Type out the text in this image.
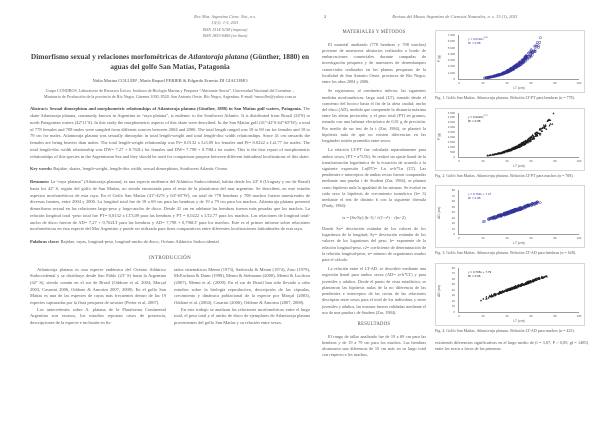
Rev. Mus. Argentino Cienc. Nat., n.s.
13(1): 1-5, 2011
ISSN 1514-5158 (impresa)
ISSN 1853-0400 (en línea)
Dimorfismo sexual y relaciones morfométricas de Atlantoraja platana (Günther, 1880) en aguas del golfo San Matías, Patagonia
Nidia Marina COLLER¹, María Raquel PERIER & Edgardo Ernesto DI GIACOMO
Grupo CONDROS. Laboratorio de Recursos Ícticos. Instituto de Biología Marina y Pesquera “Almirante Storni”, Universidad Nacional del Comahue – Ministerio de Producción de la provincia de Río Negro, Güemes 1030, 8520. San Antonio Oeste, Río Negro, Argentina. E-mail: ¹nmcoller@yahoo.com.ar

Abstract: Sexual dimorphism and morphometric relationships of Atlantoraja platana (Günther, 1880) in San Matías gulf waters, Patagonia. The skate Atlantoraja platana, commonly known in Argentina as “raya platana”, is endemic to the Southwest Atlantic. It is distributed from Brazil (24ºS) to north Patagonian waters (42º11’S). In this study the morphometric aspects of this skate were described. In the San Matías gulf (41º-42ºS 64º-65ºW), a total of 778 females and 708 males were sampled from different sources between 2004 and 2006. The total length ranged was 18 to 69 cm for females and 18 to 79 cm for males. Atlantoraja platana was sexually dimorphic in total length-weight and total length-disc width relationships. Since 41 cm onwards the females are being heavier than males. The total length-weight relationship was Pt= 0.0132 x Lt3.09 for females and Pt= 0.0222 x Lt2.77 for males. The total length-disc width relationship was DW= 7.27 + 0.762Lt for females and DW= 7.798 + 0.796Lt for males. This is the first report of morphometric relationships of this species in the Argentinean Sea and they should be used for comparison purpose between different latitudinal localizations of this skate.

Key words: Rajidae, skates, length-weight, length-disc width, sexual dimorphism, Southwest Atlantic Ocean.

Resumen: La “raya platana” (Atlantoraja platana), es una especie endémica del Atlántico Sudoccidental, habita desde los 24º S (Uruguay y sur de Brasil) hasta los 42º S, región del golfo de San Matías, no siendo encontrada para el resto de la plataforma del mar argentino. Se describen, en este estudio aspectos morfométricos de esta raya. En el Golfo San Matías (41º-42ºS y 64º-65ºW), un total de 778 hembras y 708 machos fueron muestreados de diversas fuentes, entre 2004 y 2006. La longitud total fue de 18 a 69 cm para las hembras y de 19 a 79 cm para los machos. Atlantoraja platana presentó dimorfismo sexual en las relaciones largo-peso y largo-ancho de disco. Desde 41 cm en adelante las hembras fueron más pesadas que los machos. La relación longitud total -peso total fue PT= 0,0132 x LT3,09 para las hembras y PT = 0,0222 x LT2,77 para los machos. Las relaciones de longitud total-ancho de disco fueron de AD= 7,27 + 0,762LT para las hembras y AD= 7,798 + 0,796LT para los machos. Este es el primer informe sobre relaciones morfométricas en esta especie del Mar Argentino y puede ser utilizada para fines comparativos entre diferentes localizaciones latitudinales de esta raya.

Palabras clave: Rajidae, rayas, longitud-peso, longitud-ancho de disco, Océano Atlántico Sudoccidental.

INTRODUCCIÓN

Atlantoraja platana es una especie endémica del Océano Atlántico Sudoccidental y se distribuye desde Sao Pablo (23º S) hasta la Argentina (42º S), siendo común en el sur de Brasil (Oddone et al. 2004, Marçal 2003, Casarini 2006, Oddone & Amorim 2007, 2008). En el golfo San Matías es una de las especies de rayas más frecuentes dentro de las 19 especies capturadas por la flota pesquera de arrastre (Perier et al. 2007).

Los antecedentes sobre A. platana de la Plataforma Continental Argentina son escasos, los estudios reportan casos de presencia, descripciones de la especie e inclusión en lis-

tados sistemáticos Menni (1973), Sadowski & Menni (1974), Zaro (1979), McEachran & Dunn (1998), Menni & Stehmann (2000), Menni & Lucifora (2007), Menni et al. (2009). En el sur de Brasil han sido llevado a cabo estudios sobre la biología reproductiva, descripción de las cápsulas, crecimiento y dinámica poblacional de la especie por Marçal (2003), Oddone et al. (2004), Casarini (2006), Oddone & Amorim (2007, 2008).

En este trabajo se analizan las relaciones morfométricas entre el largo total, el peso total y el ancho de disco de ejemplares de Atlantoraja platana provenientes del golfo San Matías y su relación entre sexos.

2	Revista del Museo Argentino de Ciencias Naturales, n. s. 13 (1), 2011
MATERIALES Y MÉTODOS

El material analizado (778 hembras y 708 machos) proviene de muestreos aleatorios realizados a bordo de embarcaciones comerciales durante campañas de investigación pesquera y de muestreos de desembarques comerciales realizados en las plantas pesqueras de la localidad de San Antonio Oeste, provincia de Río Negro, entre los años 2004 y 2006.

Se registraron, al centímetro inferior, las siguientes medidas morfométricas: largo total (LT), tomado desde el comienzo del hocico hasta el fin de la aleta caudal; ancho del disco (AD), medida que comprende la distancia máxima entre las aletas pectorales; y el peso total (PT) en gramos, tomado con una balanza electrónica de 0,01 g de precisión. Por medio de un test de la t (Zar, 1984), se planteó la hipótesis nula de que no existen diferencias en las longitudes totales promedio entre sexos.

La relación LT-PT fue calculada separadamente para ambos sexos, (PT = a*LTb). Se realizó un ajuste lineal de la transformación logarítmica de la ecuación de acuerdo a la siguiente expresión Ln(PT)= Ln a+b*Ln (LT). Las pendientes e interceptos de ambas rectas fueron comparadas mediante una prueba t de Student (Zar, 1984), se planteó como hipótesis nula la igualdad de las mismas. Se evaluó en cada sexo la hipótesis de crecimiento isométrico (b= 3) mediante el test de distinto b con la siguiente fórmula (Pauly, 1984):

ts = (Sx/Sy)·|b−3| / √(1−r²) · √(n−2)

Donde Sx= desviación estándar de los valores de los logaritmos de la longitud; Sy= desviación estándar de los valores de los logaritmos del peso, b= exponente de la relación longitud-peso, r2= coeficiente de determinación de la relación longitud-peso; n= número de organismos usados para el cálculo.

La relación entre el LT-AD, se describió mediante una regresión lineal para ambos sexos (AD= a+b*LT) y para juveniles y adultos. Desde el punto de vista estadístico, se plantearon las hipótesis nulas de la no diferencia de las pendientes e interceptos de las rectas de las relaciones descriptas entre sexos para el total de los individuos y entre juveniles y adultos, las mismas fueron validadas mediante el uso de una prueba t de Student (Zar, 1984).

RESULTADOS

El rango de tallas analizado fue de 19 a 69 cm para las hembras y de 19 a 79 cm para los machos. Las hembras alcanzaron una diferencia de 10 cm más en su largo total con respecto a los machos,

P (g)
0
1.000
2.000
3.000
4.000
5.000
6.000
7.000
$y = 0.0132x^{3.09}$
R² = 0.98
0	20	40	60	80	100
LT (cm)
Fig. 1. Golfo San Matías. Atlantoraja platana. Relación LT-PT para hembras (n = 778).
P (g)
0
500
1.000
1.500
2.000
2.500
3.000
3.500
4.000
4.500
$y = 0.0222x^{2.77}$
R² = 0.98
0	20	40	60	80	100
LT (cm)
Fig. 2. Golfo San Matías. Atlantoraja platana. Relación LT-PT para machos (n = 708).
AD (cm)
0
10
20
30
40
50
60
70
80
y = 0.762x + 7.27
R² = 0.98
0	20	40	60	80	100
LT (cm)
Fig. 3. Golfo San Matías. Atlantoraja platana. Relación LT-AD para hembras (n = 628).
AD (cm)
0
10
20
30
40
50
60
70
80
y = 0.796x + 7.79
R² = 0.96
0	20	40	60	80	100
LT (cm)
Fig. 4. Golfo San Matías. Atlantoraja platana. Relación LT-AD para machos (n = 423).
existiendo diferencias significativas en el largo medio de (t = 3,07; P < 0,05; gl = 1485) entre los sexos a favor de las primeras.
